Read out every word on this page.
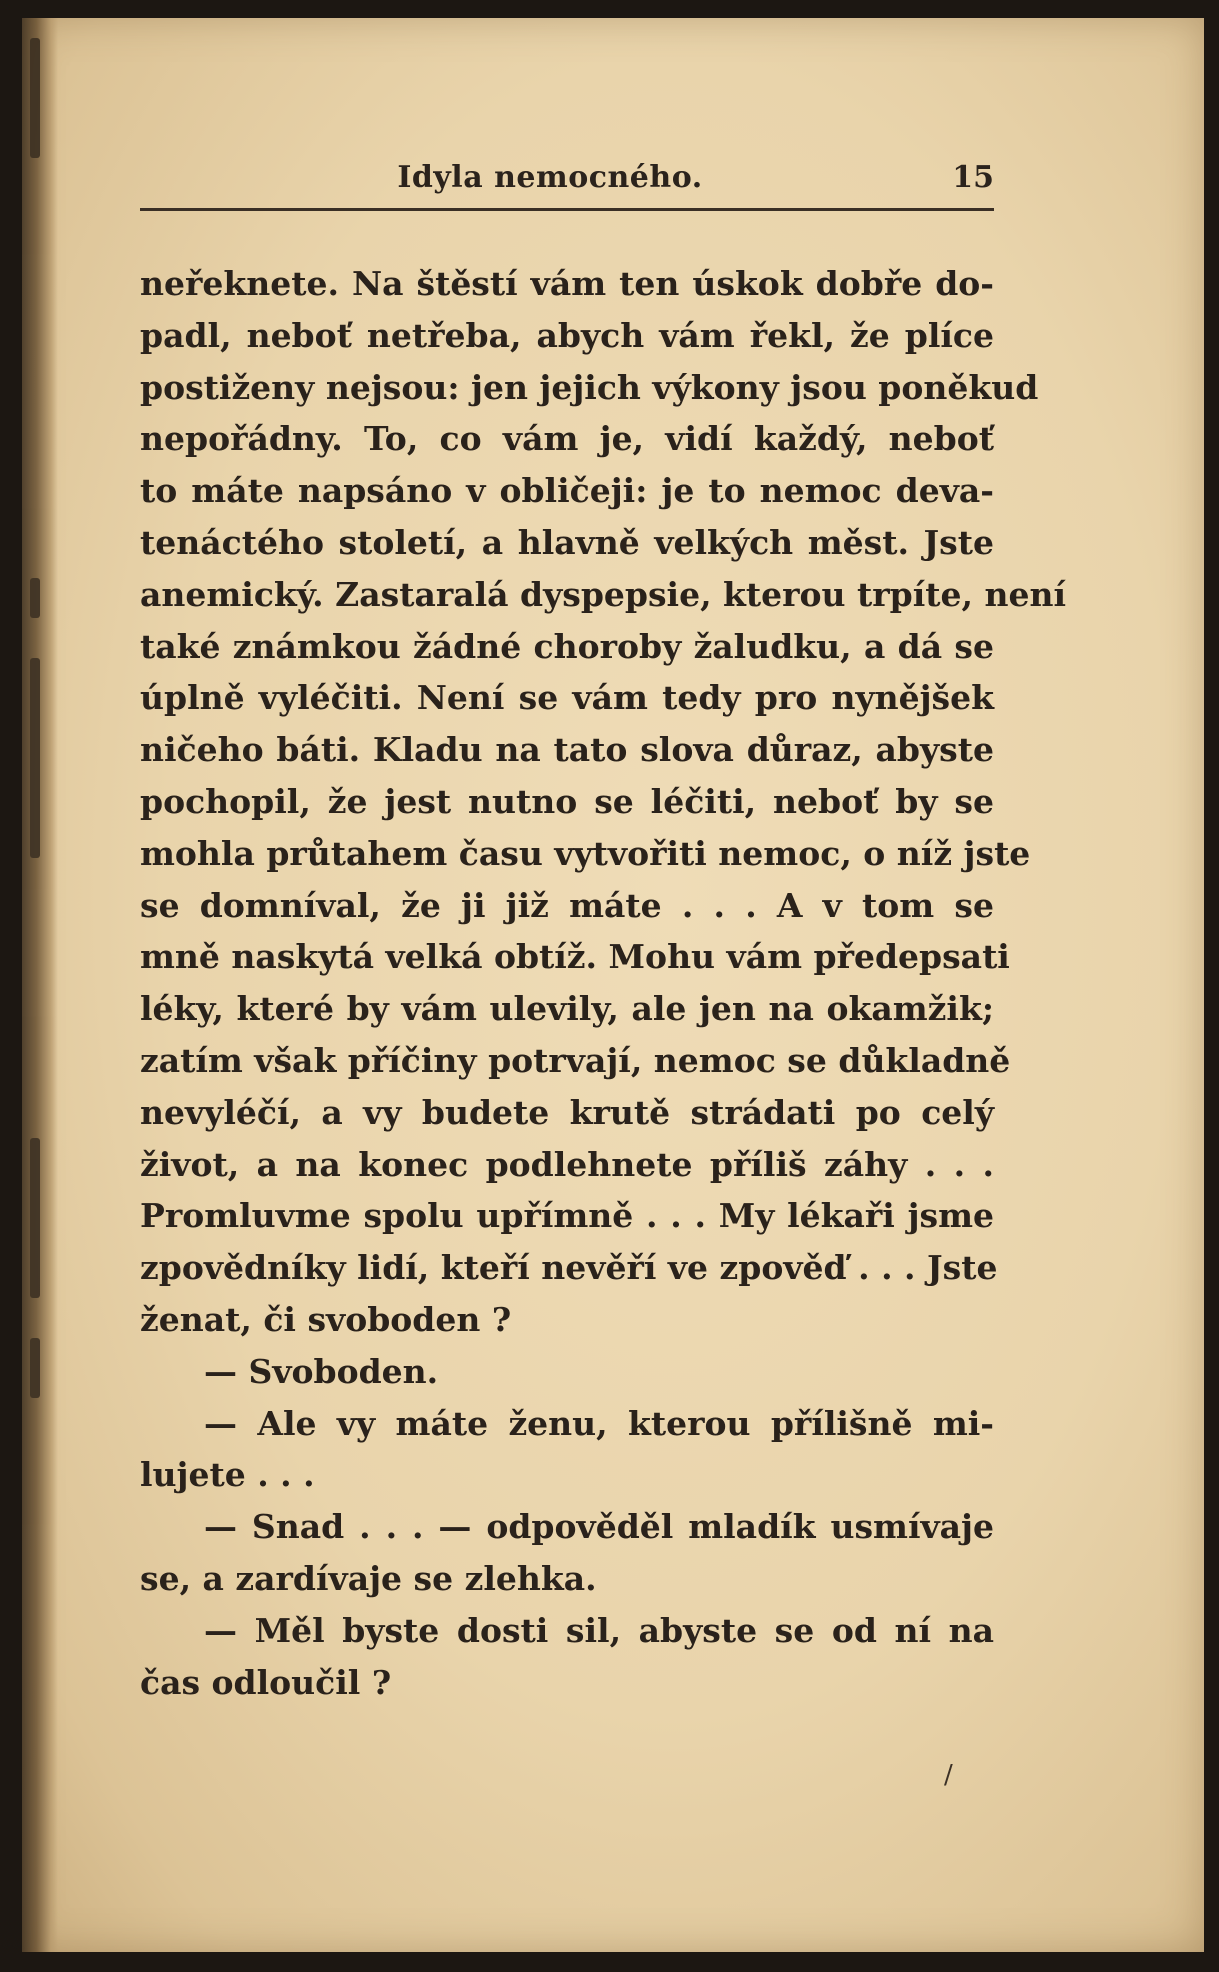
Idyla nemocného.	15
neřeknete. Na štěstí vám ten úskok dobře do-
padl, neboť netřeba, abych vám řekl, že plíce
postiženy nejsou: jen jejich výkony jsou poněkud
nepořádny. To, co vám je, vidí každý, neboť
to máte napsáno v obličeji: je to nemoc deva-
tenáctého století, a hlavně velkých měst. Jste
anemický. Zastaralá dyspepsie, kterou trpíte, není
také známkou žádné choroby žaludku, a dá se
úplně vyléčiti. Není se vám tedy pro nynějšek
ničeho báti. Kladu na tato slova důraz, abyste
pochopil, že jest nutno se léčiti, neboť by se
mohla průtahem času vytvořiti nemoc, o níž jste
se domníval, že ji již máte . . . A v tom se
mně naskytá velká obtíž. Mohu vám předepsati
léky, které by vám ulevily, ale jen na okamžik;
zatím však příčiny potrvají, nemoc se důkladně
nevyléčí, a vy budete krutě strádati po celý
život, a na konec podlehnete příliš záhy . . .
Promluvme spolu upřímně . . . My lékaři jsme
zpovědníky lidí, kteří nevěří ve zpověď . . . Jste
ženat, či svoboden ?
— Svoboden.
— Ale vy máte ženu, kterou přílišně mi-
lujete . . .
— Snad . . . — odpověděl mladík usmívaje
se, a zardívaje se zlehka.
— Měl byste dosti sil, abyste se od ní na
čas odloučil ?
/
